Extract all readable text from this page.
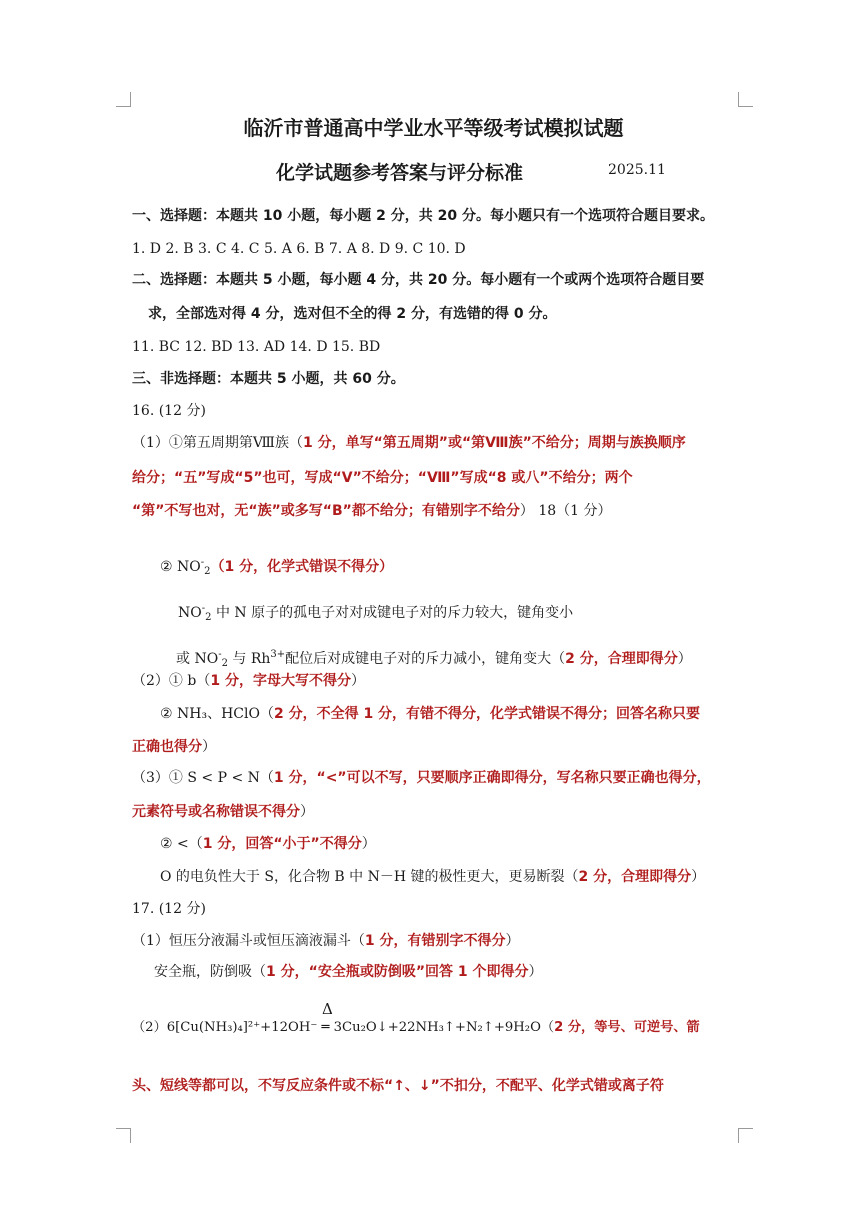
临沂市普通高中学业水平等级考试模拟试题
化学试题参考答案与评分标准	2025.11
一、选择题：本题共 10 小题，每小题 2 分，共 20 分。每小题只有一个选项符合题目要求。
1. D 2. B 3. C 4. C 5. A 6. B 7. A 8. D 9. C 10. D
二、选择题：本题共 5 小题，每小题 4 分，共 20 分。每小题有一个或两个选项符合题目要
求，全部选对得 4 分，选对但不全的得 2 分，有选错的得 0 分。
11. BC 12. BD 13. AD 14. D 15. BD
三、非选择题：本题共 5 小题，共 60 分。
16. (12 分)
（1）①第五周期第Ⅷ族（1 分，单写“第五周期”或“第Ⅷ族”不给分；周期与族换顺序
给分；“五”写成“5”也可，写成“Ⅴ”不给分；“Ⅷ”写成“8 或八”不给分；两个
“第”不写也对，无“族”或多写“B”都不给分；有错别字不给分） 18（1 分）
② $NO^-_2(1$ 分，化学式错误不得分）
$NO^-_2$ 中 N 原子的孤电子对对成键电子对的斥力较大，键角变小
或 $NO^-_2$ 与 $Rh^{3+}$配位后对成键电子对的斥力减小，键角变大（2 分，合理即得分）
（2）① b（1 分，字母大写不得分）
② NH₃、HClO（2 分，不全得 1 分，有错不得分，化学式错误不得分；回答名称只要
正确也得分）
（3）① S < P < N（1 分，“<”可以不写，只要顺序正确即得分，写名称只要正确也得分，
元素符号或名称错误不得分）
② <（1 分，回答“小于”不得分）
O 的电负性大于 S，化合物 B 中 N－H 键的极性更大，更易断裂（2 分，合理即得分）
17. (12 分)
（1）恒压分液漏斗或恒压滴液漏斗（1 分，有错别字不得分）
安全瓶，防倒吸（1 分，“安全瓶或防倒吸”回答 1 个即得分）
Δ
（2）6[Cu(NH₃)₄]²⁺+12OH⁻ ═ 3Cu₂O↓+22NH₃↑+N₂↑+9H₂O（2 分，等号、可逆号、箭
头、短线等都可以，不写反应条件或不标“↑、↓”不扣分，不配平、化学式错或离子符
